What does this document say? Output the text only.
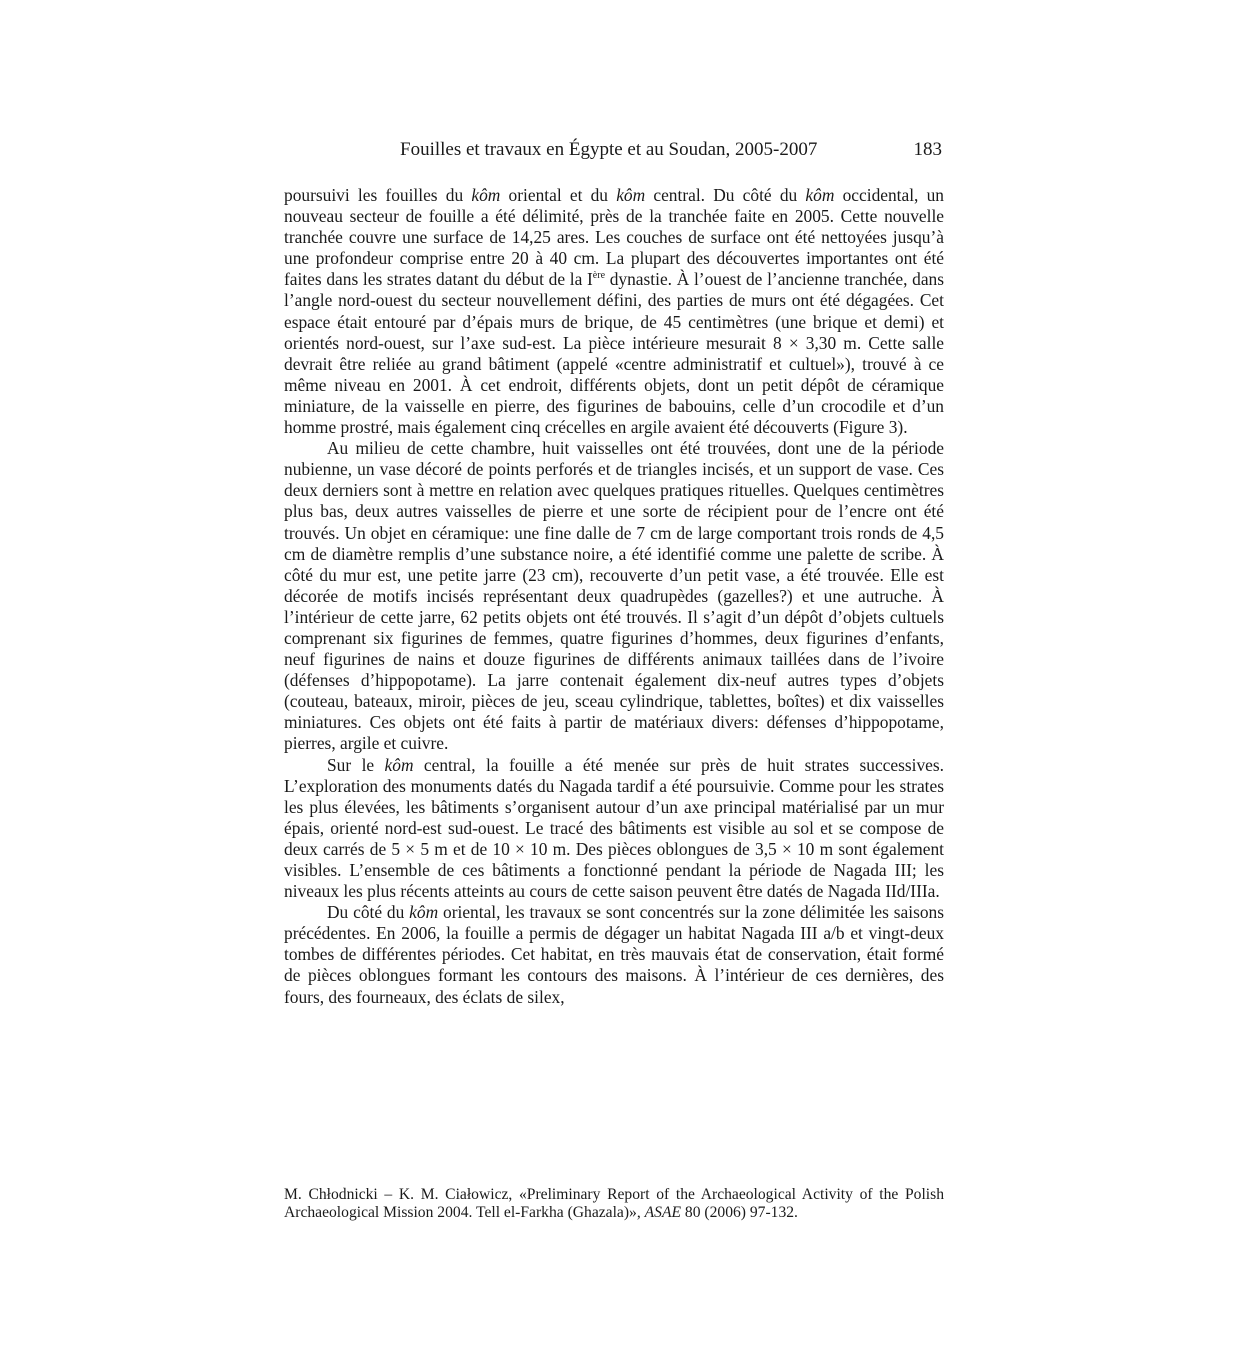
Fouilles et travaux en Égypte et au Soudan, 2005-2007	183

poursuivi les fouilles du kôm oriental et du kôm central. Du côté du kôm occidental, un nouveau secteur de fouille a été délimité, près de la tranchée faite en 2005. Cette nouvelle tranchée couvre une surface de 14,25 ares. Les couches de surface ont été nettoyées jusqu’à une profondeur comprise entre 20 à 40 cm. La plupart des découvertes importantes ont été faites dans les strates datant du début de la Ière dynastie. À l’ouest de l’ancienne tranchée, dans l’angle nord-ouest du secteur nouvellement défini, des parties de murs ont été dégagées. Cet espace était entouré par d’épais murs de brique, de 45 centimètres (une brique et demi) et orientés nord-ouest, sur l’axe sud-est. La pièce intérieure mesurait 8 × 3,30 m. Cette salle devrait être reliée au grand bâtiment (appelé «centre administratif et cultuel»), trouvé à ce même niveau en 2001. À cet endroit, différents objets, dont un petit dépôt de céramique miniature, de la vaisselle en pierre, des figurines de babouins, celle d’un crocodile et d’un homme prostré, mais également cinq crécelles en argile avaient été découverts (Figure 3).

Au milieu de cette chambre, huit vaisselles ont été trouvées, dont une de la période nubienne, un vase décoré de points perforés et de triangles incisés, et un support de vase. Ces deux derniers sont à mettre en relation avec quelques pratiques rituelles. Quelques centimètres plus bas, deux autres vaisselles de pierre et une sorte de récipient pour de l’encre ont été trouvés. Un objet en céramique: une fine dalle de 7 cm de large comportant trois ronds de 4,5 cm de diamètre remplis d’une substance noire, a été identifié comme une palette de scribe. À côté du mur est, une petite jarre (23 cm), recouverte d’un petit vase, a été trouvée. Elle est décorée de motifs incisés représentant deux quadrupèdes (gazelles?) et une autruche. À l’intérieur de cette jarre, 62 petits objets ont été trouvés. Il s’agit d’un dépôt d’objets cultuels comprenant six figurines de femmes, quatre figurines d’hommes, deux figurines d’enfants, neuf figurines de nains et douze figurines de différents animaux taillées dans de l’ivoire (défenses d’hippopotame). La jarre contenait également dix-neuf autres types d’objets (couteau, bateaux, miroir, pièces de jeu, sceau cylindrique, tablettes, boîtes) et dix vaisselles miniatures. Ces objets ont été faits à partir de matériaux divers: défenses d’hippopotame, pierres, argile et cuivre.

Sur le kôm central, la fouille a été menée sur près de huit strates successives. L’exploration des monuments datés du Nagada tardif a été poursuivie. Comme pour les strates les plus élevées, les bâtiments s’organisent autour d’un axe principal matérialisé par un mur épais, orienté nord-est sud-ouest. Le tracé des bâtiments est visible au sol et se compose de deux carrés de 5 × 5 m et de 10 × 10 m. Des pièces oblongues de 3,5 × 10 m sont également visibles. L’ensemble de ces bâtiments a fonctionné pendant la période de Nagada III; les niveaux les plus récents atteints au cours de cette saison peuvent être datés de Nagada IId/IIIa.

Du côté du kôm oriental, les travaux se sont concentrés sur la zone délimitée les saisons précédentes. En 2006, la fouille a permis de dégager un habitat Nagada III a/b et vingt-deux tombes de différentes périodes. Cet habitat, en très mauvais état de conservation, était formé de pièces oblongues formant les contours des maisons. À l’intérieur de ces dernières, des fours, des fourneaux, des éclats de silex,

M. Chłodnicki – K. M. Ciałowicz, «Preliminary Report of the Archaeological Activity of the Polish Archaeological Mission 2004. Tell el-Farkha (Ghazala)», ASAE 80 (2006) 97-132.
